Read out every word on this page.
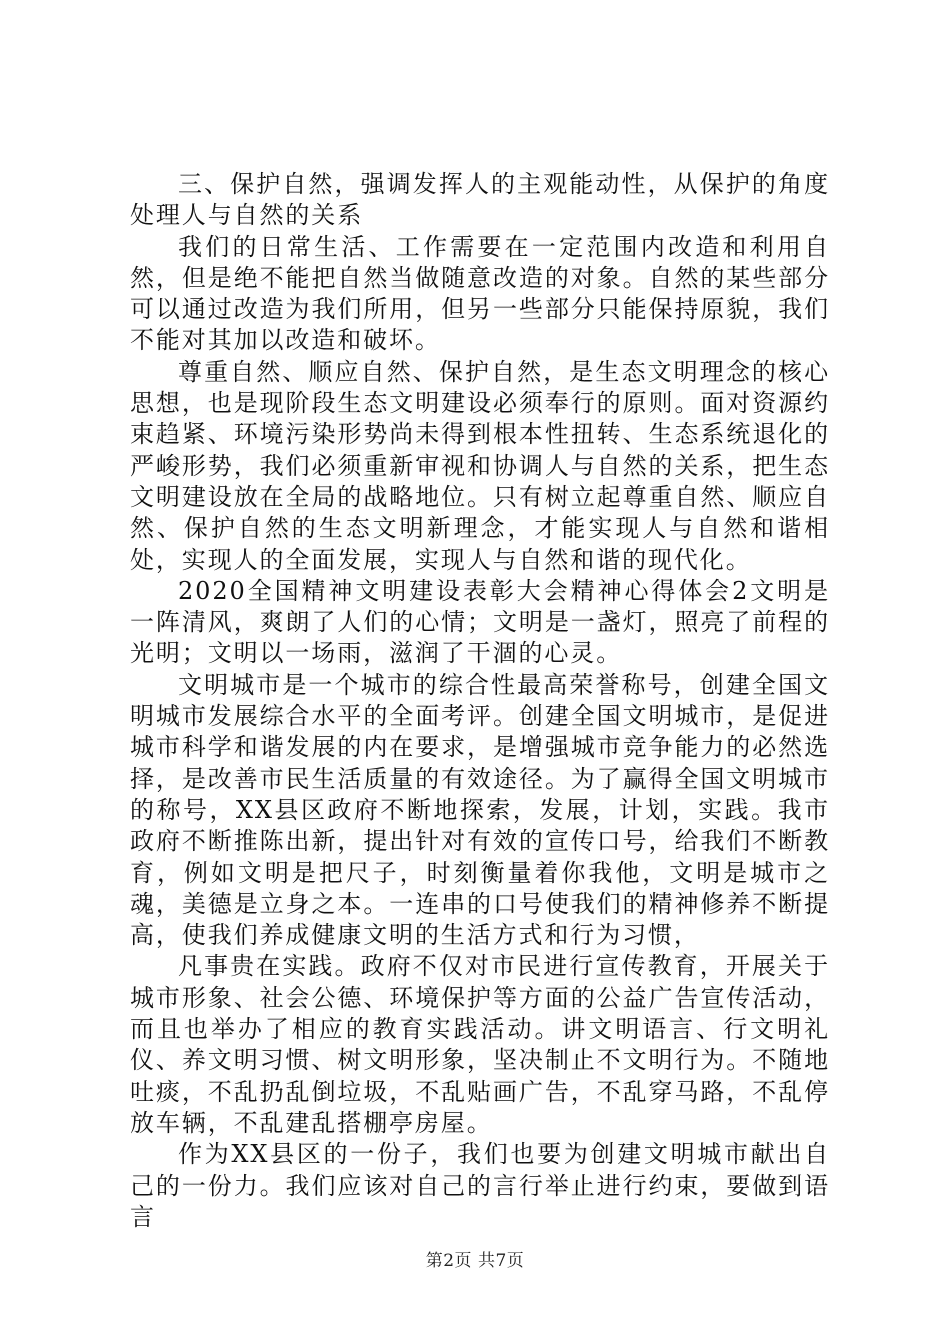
三、保护自然，强调发挥人的主观能动性，从保护的角度处理人与自然的关系

我们的日常生活、工作需要在一定范围内改造和利用自然，但是绝不能把自然当做随意改造的对象。自然的某些部分可以通过改造为我们所用，但另一些部分只能保持原貌，我们不能对其加以改造和破坏。

尊重自然、顺应自然、保护自然，是生态文明理念的核心思想，也是现阶段生态文明建设必须奉行的原则。面对资源约束趋紧、环境污染形势尚未得到根本性扭转、生态系统退化的严峻形势，我们必须重新审视和协调人与自然的关系，把生态文明建设放在全局的战略地位。只有树立起尊重自然、顺应自然、保护自然的生态文明新理念，才能实现人与自然和谐相处，实现人的全面发展，实现人与自然和谐的现代化。

2020全国精神文明建设表彰大会精神心得体会2文明是一阵清风，爽朗了人们的心情；文明是一盏灯，照亮了前程的光明；文明以一场雨，滋润了干涸的心灵。

文明城市是一个城市的综合性最高荣誉称号，创建全国文明城市发展综合水平的全面考评。创建全国文明城市，是促进城市科学和谐发展的内在要求，是增强城市竞争能力的必然选择，是改善市民生活质量的有效途径。为了赢得全国文明城市的称号，XX县区政府不断地探索，发展，计划，实践。我市政府不断推陈出新，提出针对有效的宣传口号，给我们不断教育，例如文明是把尺子，时刻衡量着你我他，文明是城市之魂，美德是立身之本。一连串的口号使我们的精神修养不断提高，使我们养成健康文明的生活方式和行为习惯，

凡事贵在实践。政府不仅对市民进行宣传教育，开展关于城市形象、社会公德、环境保护等方面的公益广告宣传活动，而且也举办了相应的教育实践活动。讲文明语言、行文明礼仪、养文明习惯、树文明形象，坚决制止不文明行为。不随地吐痰，不乱扔乱倒垃圾，不乱贴画广告，不乱穿马路，不乱停放车辆，不乱建乱搭棚亭房屋。

作为XX县区的一份子，我们也要为创建文明城市献出自己的一份力。我们应该对自己的言行举止进行约束，要做到语言

第2页 共7页
